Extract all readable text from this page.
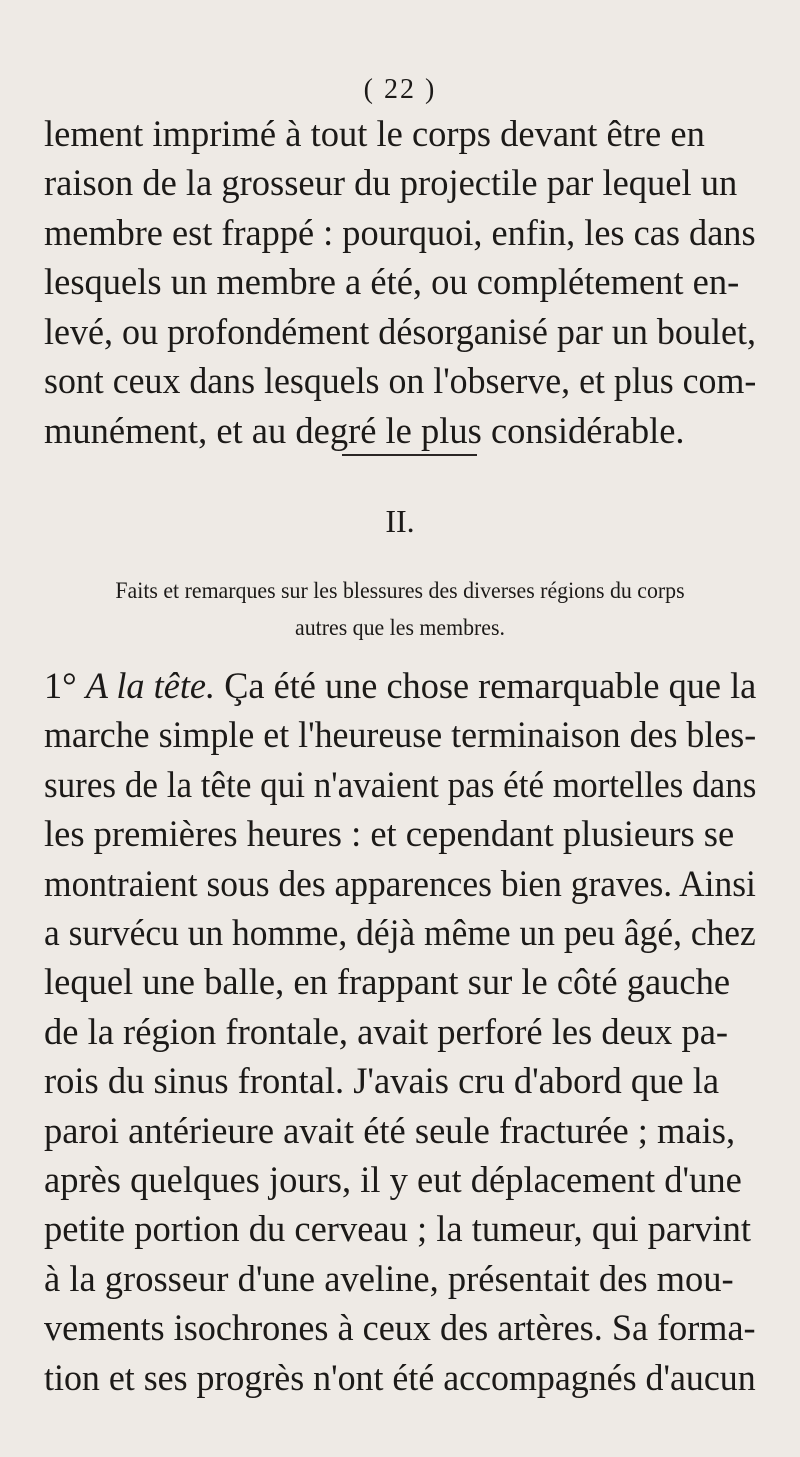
( 22 )
lement imprimé à tout le corps devant être en
raison de la grosseur du projectile par lequel un
membre est frappé : pourquoi, enfin, les cas dans
lesquels un membre a été, ou complétement en-
levé, ou profondément désorganisé par un boulet,
sont ceux dans lesquels on l'observe, et plus com-
munément, et au degré le plus considérable.
II.
Faits et remarques sur les blessures des diverses régions du corps
autres que les membres.
1° A la tête. Ça été une chose remarquable que la
marche simple et l'heureuse terminaison des bles-
sures de la tête qui n'avaient pas été mortelles dans
les premières heures : et cependant plusieurs se
montraient sous des apparences bien graves. Ainsi
a survécu un homme, déjà même un peu âgé, chez
lequel une balle, en frappant sur le côté gauche
de la région frontale, avait perforé les deux pa-
rois du sinus frontal. J'avais cru d'abord que la
paroi antérieure avait été seule fracturée ; mais,
après quelques jours, il y eut déplacement d'une
petite portion du cerveau ; la tumeur, qui parvint
à la grosseur d'une aveline, présentait des mou-
vements isochrones à ceux des artères. Sa forma-
tion et ses progrès n'ont été accompagnés d'aucun
